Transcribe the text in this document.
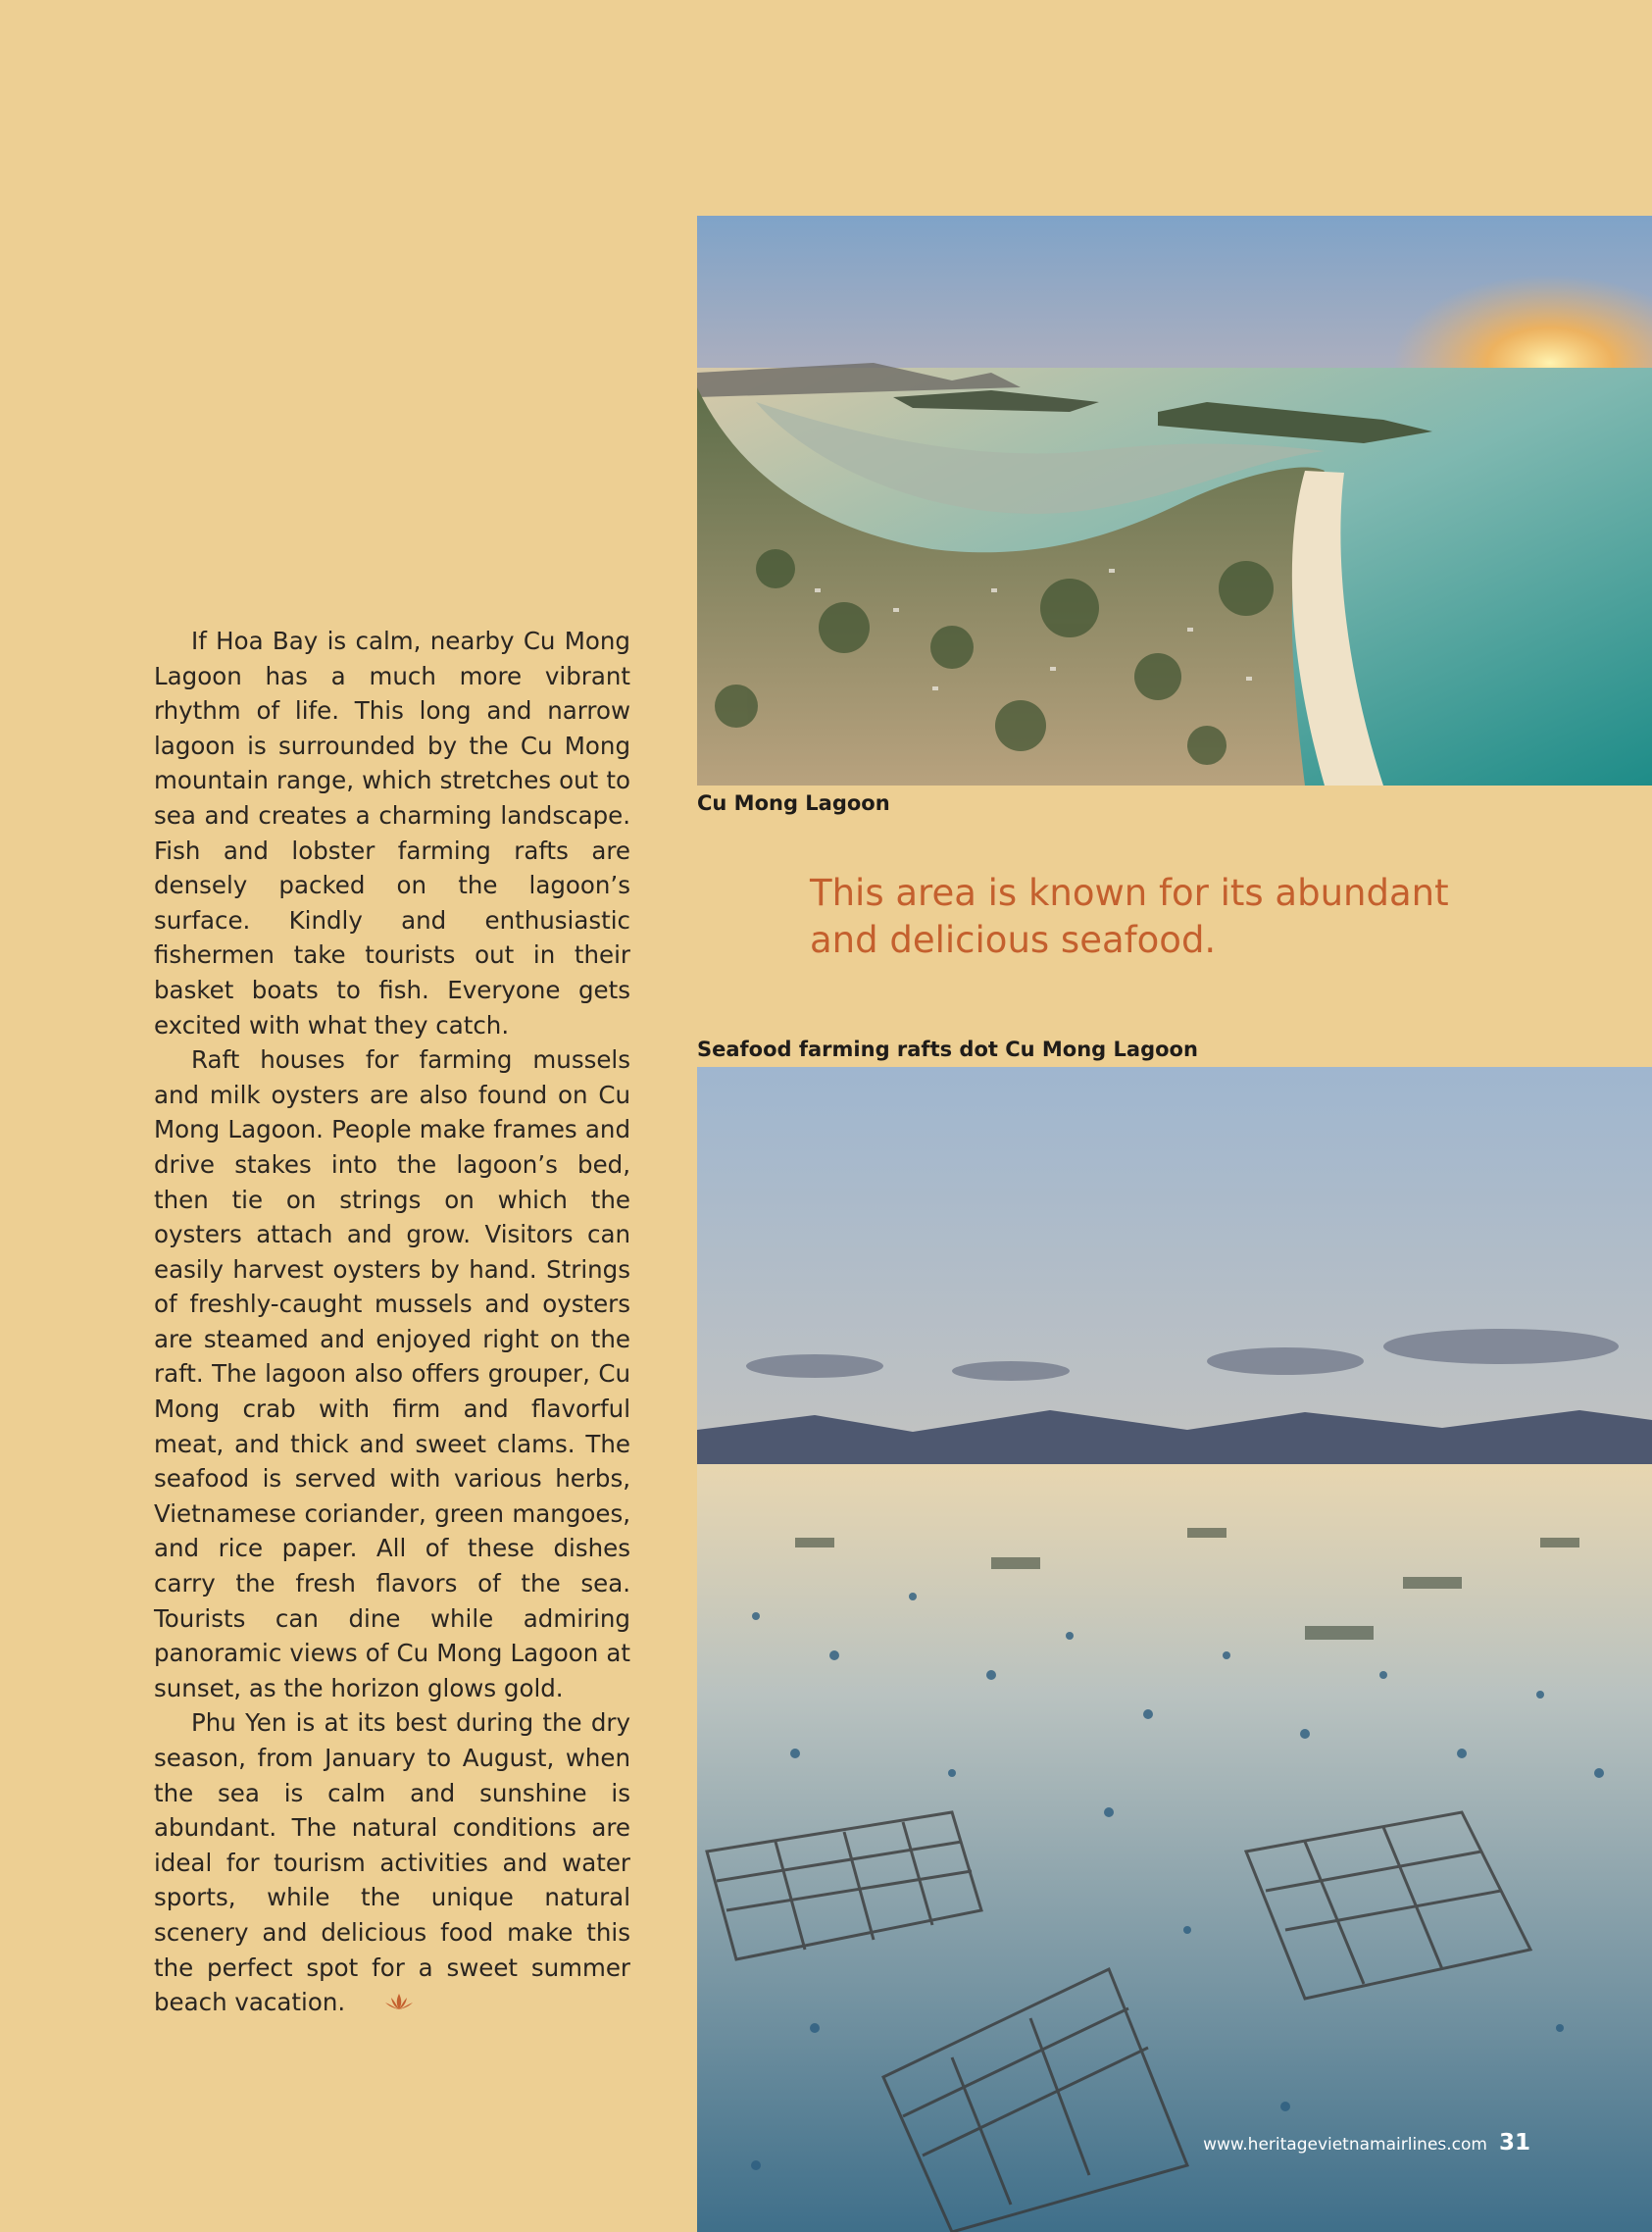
If Hoa Bay is calm, nearby Cu Mong Lagoon has a much more vibrant rhythm of life. This long and narrow lagoon is surrounded by the Cu Mong mountain range, which stretches out to sea and creates a charming landscape. Fish and lobster farming rafts are densely packed on the lagoon’s surface. Kindly and enthusiastic fishermen take tourists out in their basket boats to fish. Everyone gets excited with what they catch.

Raft houses for farming mussels and milk oysters are also found on Cu Mong Lagoon. People make frames and drive stakes into the lagoon’s bed, then tie on strings on which the oysters attach and grow. Visitors can easily harvest oysters by hand. Strings of freshly-caught mussels and oysters are steamed and enjoyed right on the raft. The lagoon also offers grouper, Cu Mong crab with firm and flavorful meat, and thick and sweet clams. The seafood is served with various herbs, Vietnamese coriander, green mangoes, and rice paper. All of these dishes carry the fresh flavors of the sea. Tourists can dine while admiring panoramic views of Cu Mong Lagoon at sunset, as the horizon glows gold.

Phu Yen is at its best during the dry season, from January to August, when the sea is calm and sunshine is abundant. The natural conditions are ideal for tourism activities and water sports, while the unique natural scenery and delicious food make this the perfect spot for a sweet summer beach vacation.

Cu Mong Lagoon
This area is known for its abundant and delicious seafood.
Seafood farming rafts dot Cu Mong Lagoon
www.heritagevietnamairlines.com 31
